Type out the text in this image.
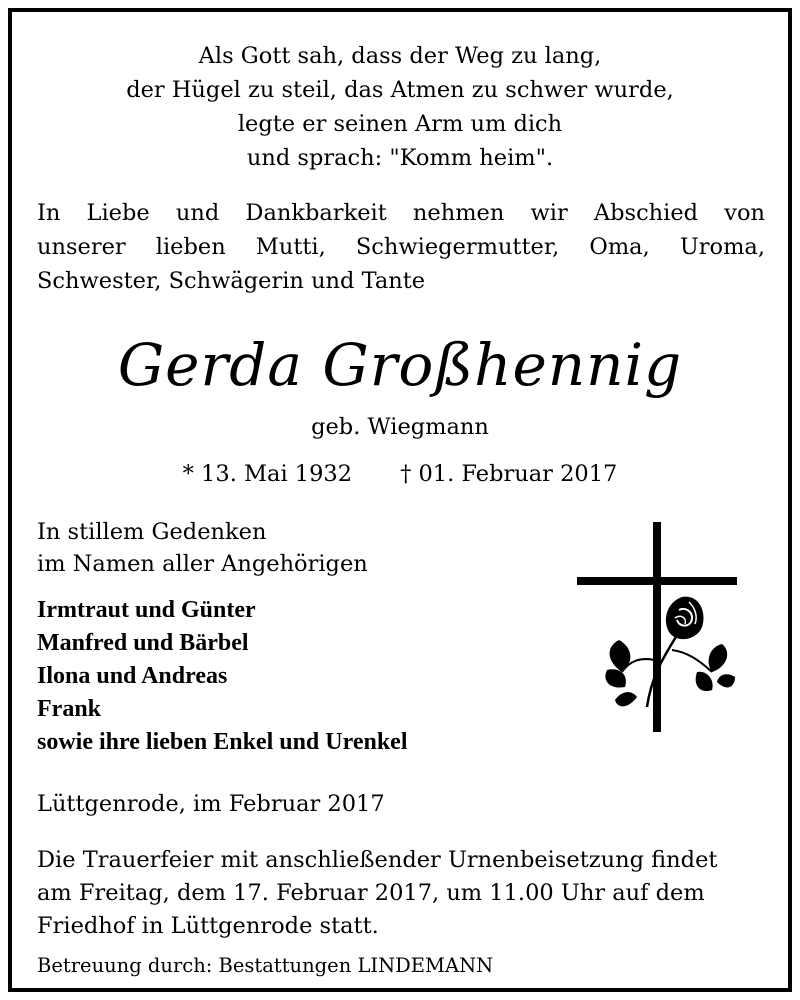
Als Gott sah, dass der Weg zu lang,
der Hügel zu steil, das Atmen zu schwer wurde,
legte er seinen Arm um dich
und sprach: "Komm heim".
In Liebe und Dankbarkeit nehmen wir Abschied von
unserer lieben Mutti, Schwiegermutter, Oma, Uroma,
Schwester, Schwägerin und Tante
Gerda Großhennig
geb. Wiegmann
* 13. Mai 1932 † 01. Februar 2017
In stillem Gedenken
im Namen aller Angehörigen
Irmtraut und Günter
Manfred und Bärbel
Ilona und Andreas
Frank
sowie ihre lieben Enkel und Urenkel
Lüttgenrode, im Februar 2017
Die Trauerfeier mit anschließender Urnenbeisetzung findet
am Freitag, dem 17. Februar 2017, um 11.00 Uhr auf dem
Friedhof in Lüttgenrode statt.
Betreuung durch: Bestattungen LINDEMANN
